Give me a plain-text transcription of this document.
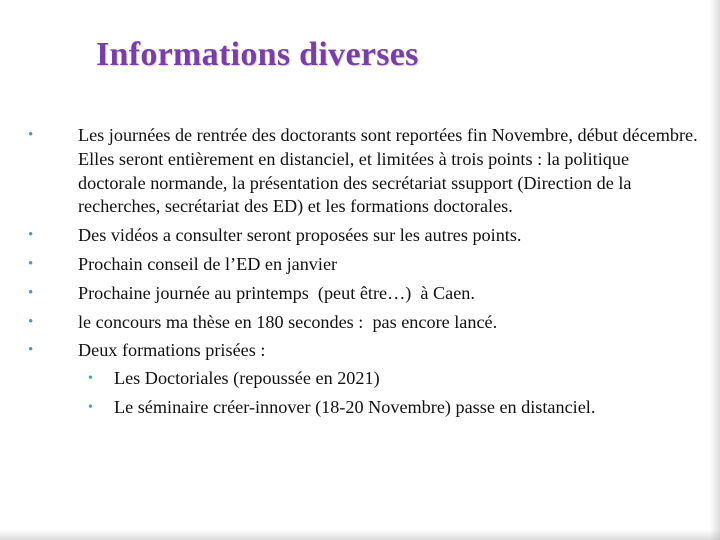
Informations diverses
•	Les journées de rentrée des doctorants sont reportées fin Novembre, début décembre. Elles seront entièrement en distanciel, et limitées à trois points : la politique doctorale normande, la présentation des secrétariat ssupport (Direction de la recherches, secrétariat des ED) et les formations doctorales.
•	Des vidéos a consulter seront proposées sur les autres points.
•	Prochain conseil de l’ED en janvier
•	Prochaine journée au printemps  (peut être…)  à Caen.
•	le concours ma thèse en 180 secondes :  pas encore lancé.
•	Deux formations prisées :
• Les Doctoriales (repoussée en 2021)
• Le séminaire créer-innover (18-20 Novembre) passe en distanciel.
